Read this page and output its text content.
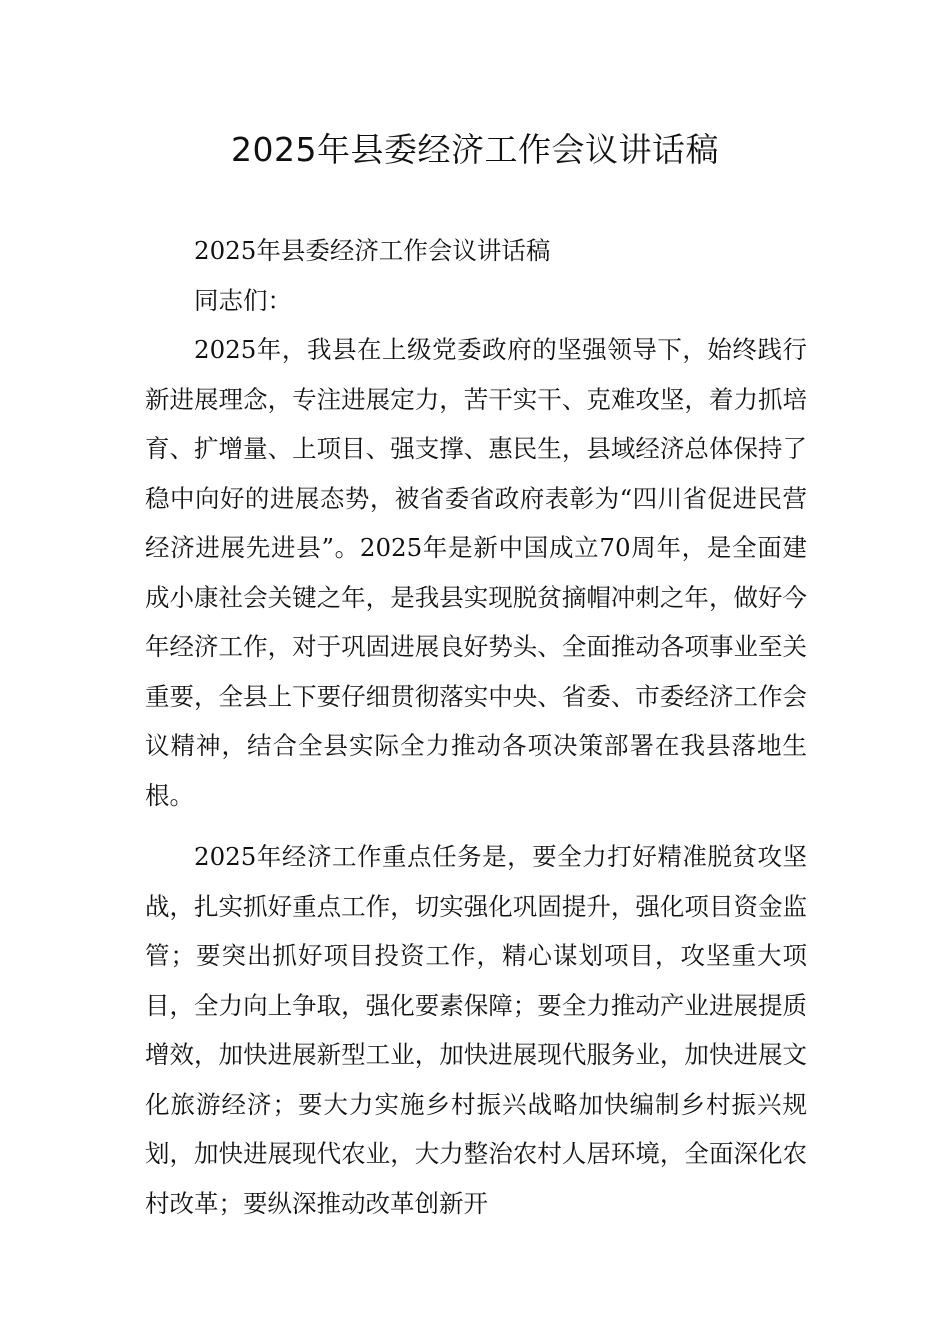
2025年县委经济工作会议讲话稿

2025年县委经济工作会议讲话稿

同志们：

2025年，我县在上级党委政府的坚强领导下，始终践行新进展理念，专注进展定力，苦干实干、克难攻坚，着力抓培育、扩增量、上项目、强支撑、惠民生，县域经济总体保持了稳中向好的进展态势，被省委省政府表彰为“四川省促进民营经济进展先进县”。2025年是新中国成立70周年，是全面建成小康社会关键之年，是我县实现脱贫摘帽冲刺之年，做好今年经济工作，对于巩固进展良好势头、全面推动各项事业至关重要，全县上下要仔细贯彻落实中央、省委、市委经济工作会议精神，结合全县实际全力推动各项决策部署在我县落地生根。

2025年经济工作重点任务是，要全力打好精准脱贫攻坚战，扎实抓好重点工作，切实强化巩固提升，强化项目资金监管；要突出抓好项目投资工作，精心谋划项目，攻坚重大项目，全力向上争取，强化要素保障；要全力推动产业进展提质增效，加快进展新型工业，加快进展现代服务业，加快进展文化旅游经济；要大力实施乡村振兴战略加快编制乡村振兴规划，加快进展现代农业，大力整治农村人居环境，全面深化农村改革；要纵深推动改革创新开
